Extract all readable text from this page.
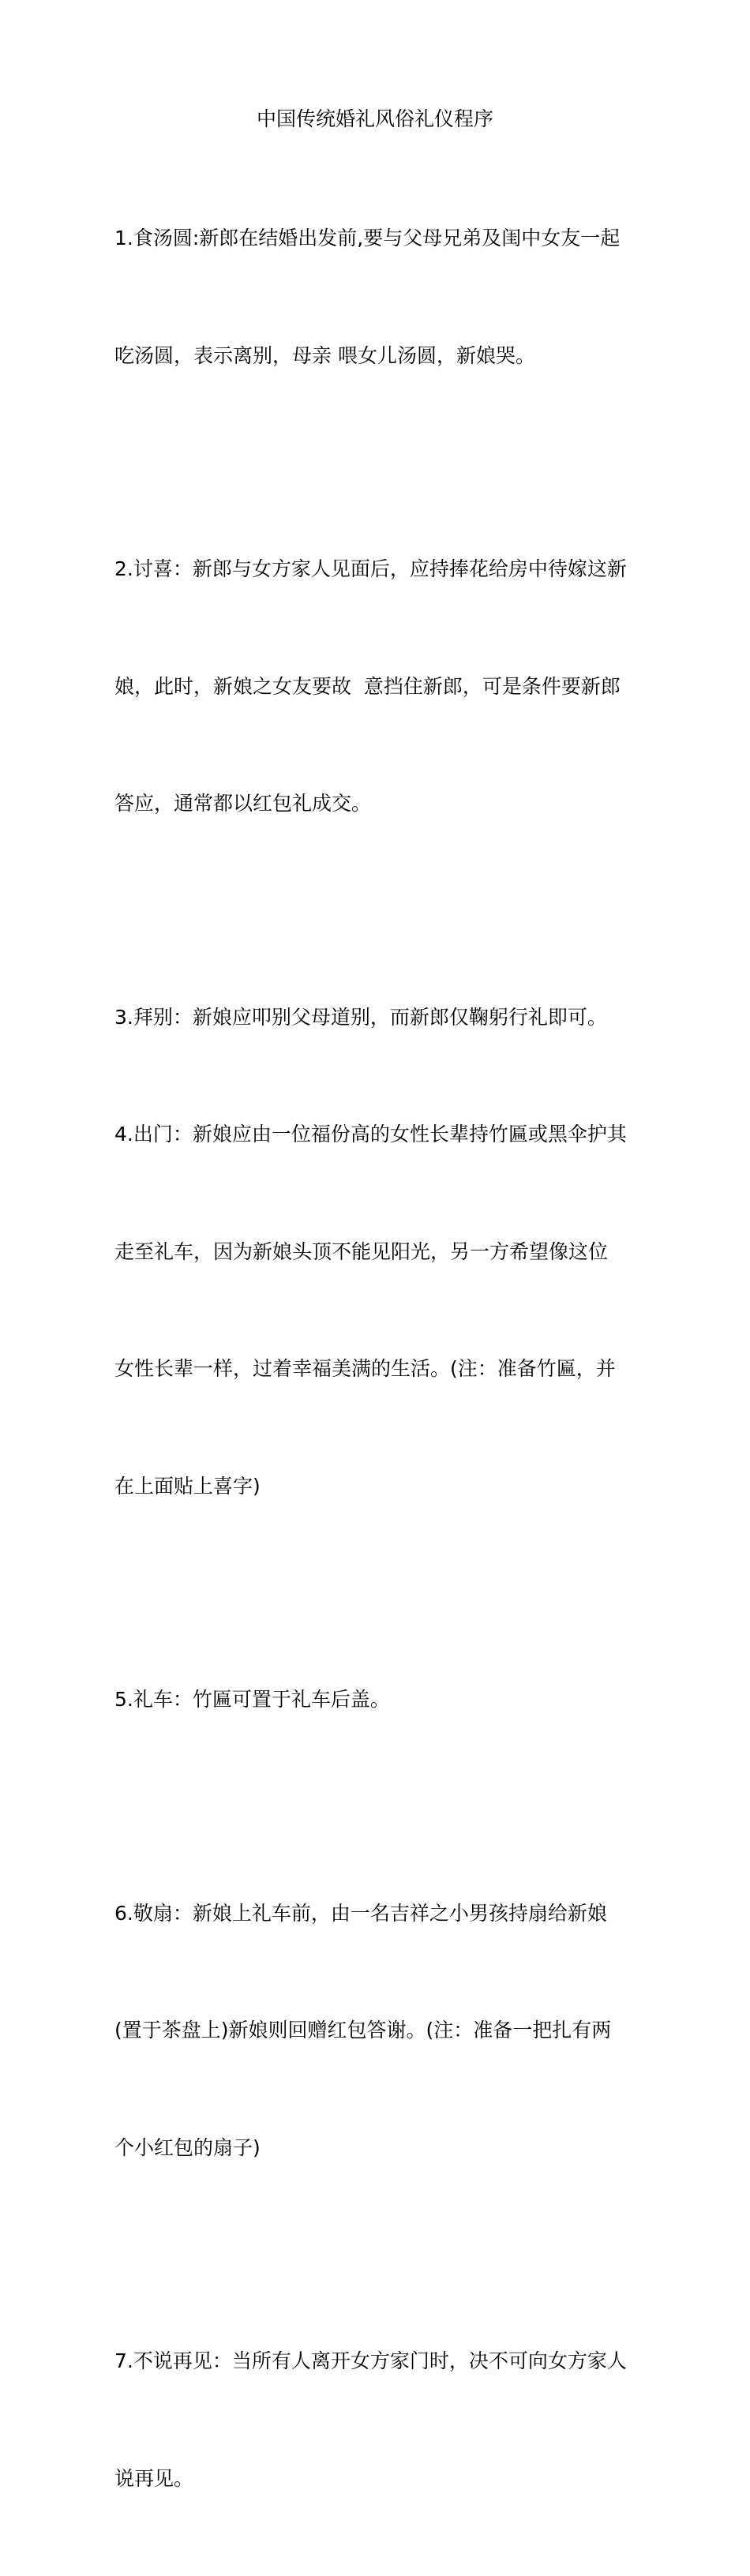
中国传统婚礼风俗礼仪程序

1.食汤圆:新郎在结婚出发前,要与父母兄弟及闺中女友一起

吃汤圆，表示离别，母亲 喂女儿汤圆，新娘哭。

2.讨喜：新郎与女方家人见面后，应持捧花给房中待嫁这新

娘，此时，新娘之女友要故  意挡住新郎，可是条件要新郎

答应，通常都以红包礼成交。

3.拜别：新娘应叩别父母道别，而新郎仅鞠躬行礼即可。

4.出门：新娘应由一位福份高的女性长辈持竹匾或黑伞护其

走至礼车，因为新娘头顶不能见阳光，另一方希望像这位

女性长辈一样，过着幸福美满的生活。(注：准备竹匾，并

在上面贴上喜字)

5.礼车：竹匾可置于礼车后盖。

6.敬扇：新娘上礼车前，由一名吉祥之小男孩持扇给新娘

(置于茶盘上)新娘则回赠红包答谢。(注：准备一把扎有两

个小红包的扇子)

7.不说再见：当所有人离开女方家门时，决不可向女方家人

说再见。
